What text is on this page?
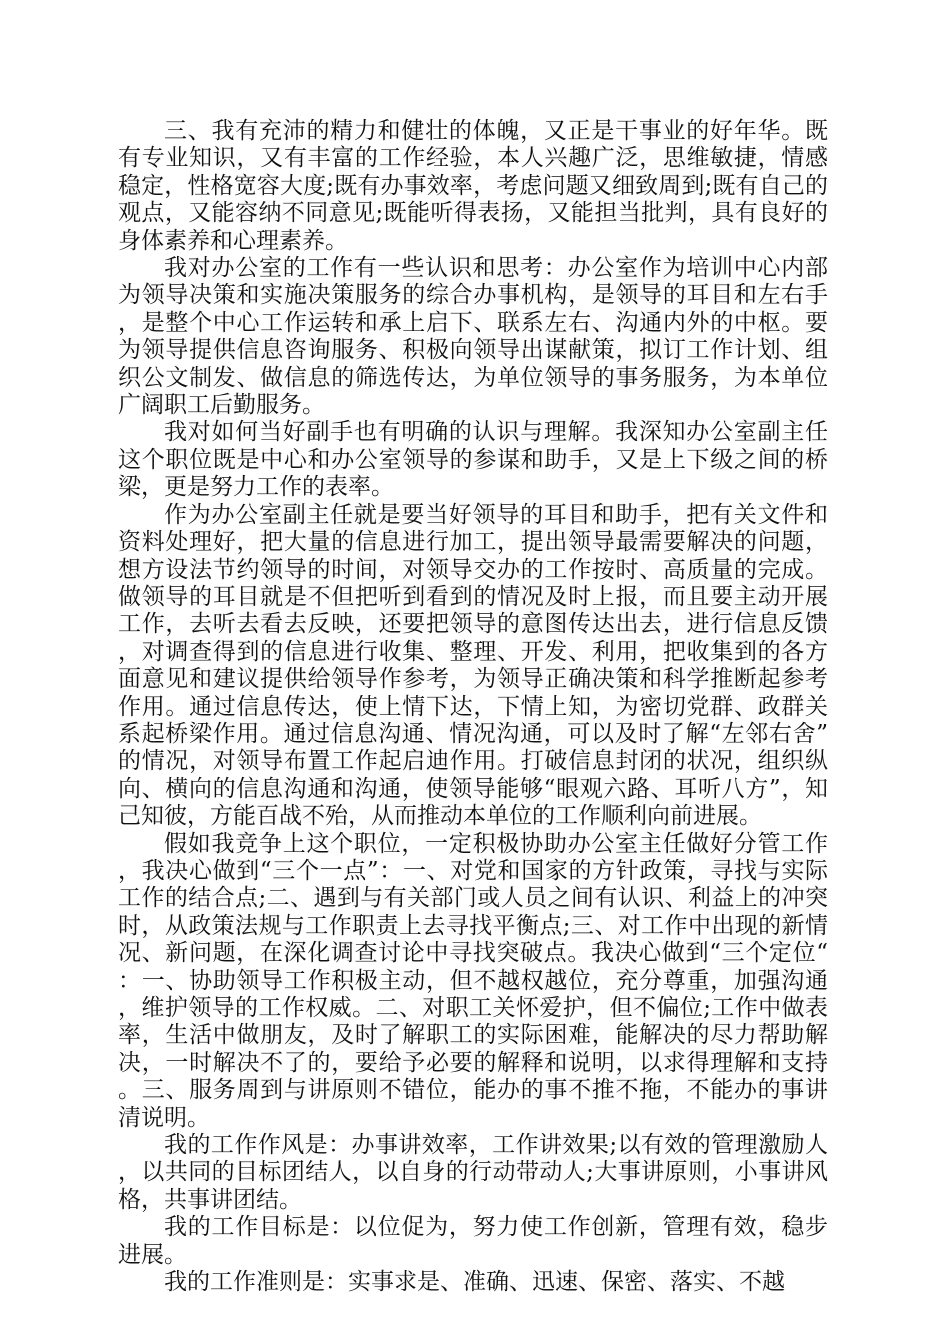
三、我有充沛的精力和健壮的体魄，又正是干事业的好年华。既有专业知识，又有丰富的工作经验，本人兴趣广泛，思维敏捷，情感稳定，性格宽容大度;既有办事效率，考虑问题又细致周到;既有自己的观点，又能容纳不同意见;既能听得表扬，又能担当批判，具有良好的身体素养和心理素养。

我对办公室的工作有一些认识和思考：办公室作为培训中心内部为领导决策和实施决策服务的综合办事机构，是领导的耳目和左右手，是整个中心工作运转和承上启下、联系左右、沟通内外的中枢。要为领导提供信息咨询服务、积极向领导出谋献策，拟订工作计划、组织公文制发、做信息的筛选传达，为单位领导的事务服务，为本单位广阔职工后勤服务。

我对如何当好副手也有明确的认识与理解。我深知办公室副主任这个职位既是中心和办公室领导的参谋和助手，又是上下级之间的桥梁，更是努力工作的表率。

作为办公室副主任就是要当好领导的耳目和助手，把有关文件和资料处理好，把大量的信息进行加工，提出领导最需要解决的问题，想方设法节约领导的时间，对领导交办的工作按时、高质量的完成。做领导的耳目就是不但把听到看到的情况及时上报，而且要主动开展工作，去听去看去反映，还要把领导的意图传达出去，进行信息反馈，对调查得到的信息进行收集、整理、开发、利用，把收集到的各方面意见和建议提供给领导作参考，为领导正确决策和科学推断起参考作用。通过信息传达，使上情下达，下情上知，为密切党群、政群关系起桥梁作用。通过信息沟通、情况沟通，可以及时了解“左邻右舍”的情况，对领导布置工作起启迪作用。打破信息封闭的状况，组织纵向、横向的信息沟通和沟通，使领导能够“眼观六路、耳听八方”，知己知彼，方能百战不殆，从而推动本单位的工作顺利向前进展。

假如我竞争上这个职位，一定积极协助办公室主任做好分管工作，我决心做到“三个一点”：一、对党和国家的方针政策，寻找与实际工作的结合点;二、遇到与有关部门或人员之间有认识、利益上的冲突时，从政策法规与工作职责上去寻找平衡点;三、对工作中出现的新情况、新问题，在深化调查讨论中寻找突破点。我决心做到“三个定位“：一、协助领导工作积极主动，但不越权越位，充分尊重，加强沟通，维护领导的工作权威。二、对职工关怀爱护，但不偏位;工作中做表率，生活中做朋友，及时了解职工的实际困难，能解决的尽力帮助解决，一时解决不了的，要给予必要的解释和说明，以求得理解和支持。三、服务周到与讲原则不错位，能办的事不推不拖，不能办的事讲清说明。

我的工作作风是：办事讲效率，工作讲效果;以有效的管理激励人，以共同的目标团结人，以自身的行动带动人;大事讲原则，小事讲风格，共事讲团结。

我的工作目标是：以位促为，努力使工作创新，管理有效，稳步进展。

我的工作准则是：实事求是、准确、迅速、保密、落实、不越
